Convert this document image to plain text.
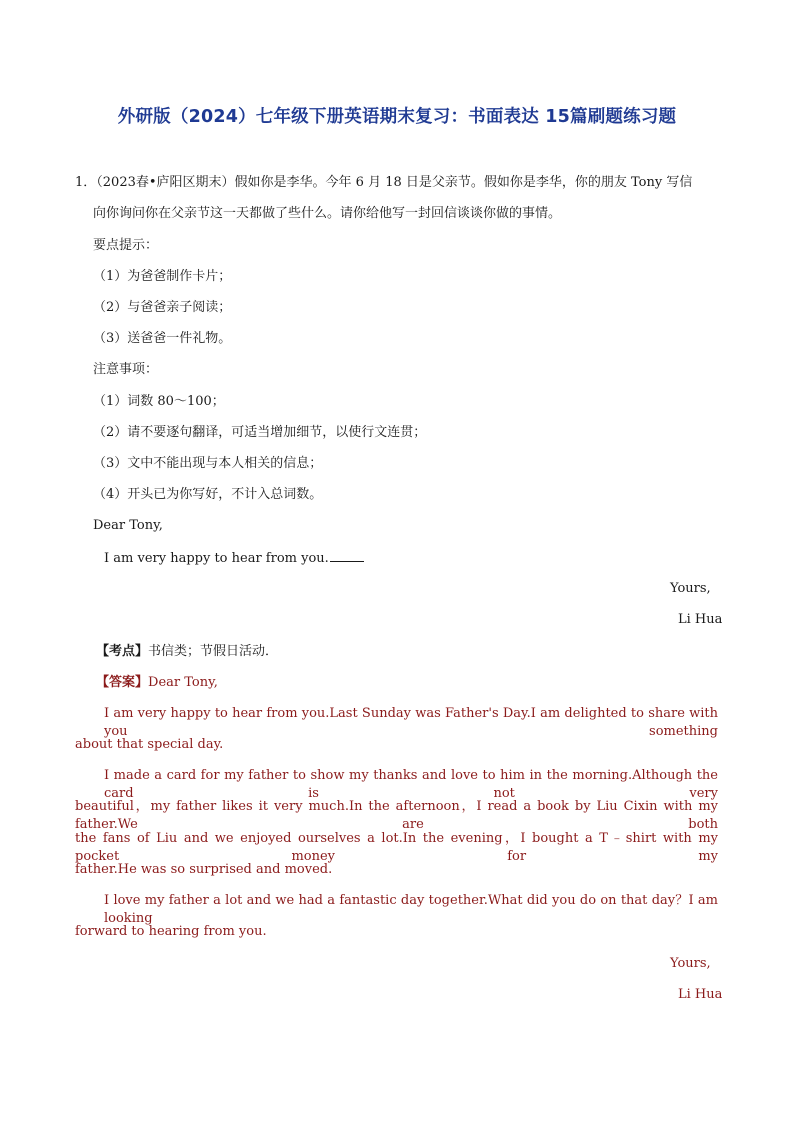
外研版（2024）七年级下册英语期末复习：书面表达 15篇刷题练习题
1．（2023春•庐阳区期末）假如你是李华。今年 6 月 18 日是父亲节。假如你是李华，你的朋友 Tony 写信
向你询问你在父亲节这一天都做了些什么。请你给他写一封回信谈谈你做的事情。
要点提示：
（1）为爸爸制作卡片；
（2）与爸爸亲子阅读；
（3）送爸爸一件礼物。
注意事项：
（1）词数 80～100；
（2）请不要逐句翻译，可适当增加细节，以使行文连贯；
（3）文中不能出现与本人相关的信息；
（4）开头已为你写好，不计入总词数。
Dear Tony,
I am very happy to hear from you.
Yours,
Li Hua
【考点】书信类；节假日活动．
【答案】Dear Tony,
I am very happy to hear from you.Last Sunday was Father's Day.I am delighted to share with you something
about that special day.
I made a card for my father to show my thanks and love to him in the morning.Although the card is not very
beautiful，my father likes it very much.In the afternoon，I read a book by Liu Cixin with my father.We are both
the fans of Liu and we enjoyed ourselves a lot.In the evening，I bought a T﹣shirt with my pocket money for my
father.He was so surprised and moved.
I love my father a lot and we had a fantastic day together.What did you do on that day？I am looking
forward to hearing from you.
Yours,
Li Hua
